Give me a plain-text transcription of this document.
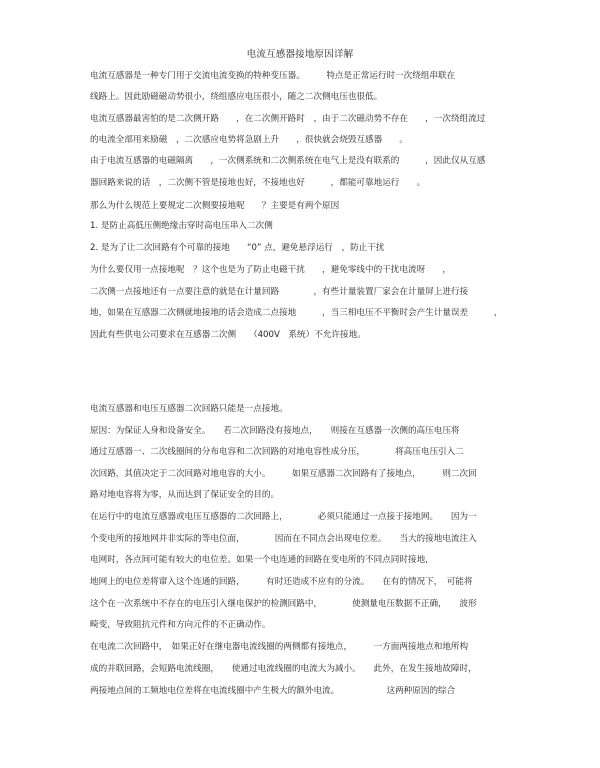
电流互感器接地原因详解
电流互感器是一种专门用于交流电流变换的特种变压器。　　　特点是正常运行时一次绕组串联在
线路上。因此励磁磁动势很小，绕组感应电压很小，随之二次侧电压也很低。
电流互感器最害怕的是二次侧开路　　，在二次侧开路时　，由于二次磁动势不存在　　，一次绕组流过
的电流全部用来励磁　，二次感应电势将急剧上升　　，很快就会烧毁互感器　　。
由于电流互感器的电磁隔离　　，一次侧系统和二次侧系统在电气上是没有联系的　　　，因此仅从互感
器回路来说的话　，二次侧不管是接地也好，不接地也好　　　，都能可靠地运行　　。
那么为什么规范上要规定二次侧要接地呢　　？主要是有两个原因
1. 是防止高低压侧绝缘击穿时高电压串入二次侧
2. 是为了让二次回路有个可靠的接地　　“0” 点，避免悬浮运行　，防止干扰
为什么要仅用一点接地呢　？这个也是为了防止电磁干扰　　，避免零线中的干扰电流呀　　，
二次侧一点接地还有一点要注意的就是在计量回路　　　　，有些计量装置厂家会在计量屏上进行接
地，如果在互感器二次侧就地接地的话会造成二点接地　　　，当三相电压不平衡时会产生计量误差　　　，
因此有些供电公司要求在互感器二次侧　　（400V　系统）不允许接地。
电流互感器和电压互感器二次回路只能是一点接地。
原因：为保证人身和设备安全。　　若二次回路没有接地点，　　则接在互感器一次侧的高压电压将
通过互感器一、二次线圈间的分布电容和二次回路的对地电容性成分压，　　　　将高压电压引入二
次回路，其值决定于二次回路对地电容的大小。　　　如果互感器二次回路有了接地点，　　　则二次回
路对地电容将为零，从而达到了保证安全的目的。
在运行中的电流互感器或电压互感器的二次回路上，　　　　必须只能通过一点接于接地网。　　因为一
个变电所的接地网并非实际的等电位面，　　　　因而在不同点会出现电位差。　　当大的接地电流注入
电网时，各点间可能有较大的电位差。如果一个电连通的回路在变电所的不同点同时接地，
地网上的电位差将窜入这个连通的回路，　　　有时还造成不应有的分流。　　在有的情况下，　可能将
这个在一次系统中不存在的电压引入继电保护的检测回路中，　　　　使测量电压数据不正确，　　波形
畸变，导致阻抗元件和方向元件的不正确动作。
在电流二次回路中，　如果正好在继电器电流线圈的两侧都有接地点，　　　一方面两接地点和地所构
成的并联回路，会短路电流线圈，　　使通过电流线圈的电流大为减小。　　此外，在发生接地故障时，
两接地点间的工频地电位差将在电流线圈中产生极大的额外电流。　　　　　　这两种原因的综合
